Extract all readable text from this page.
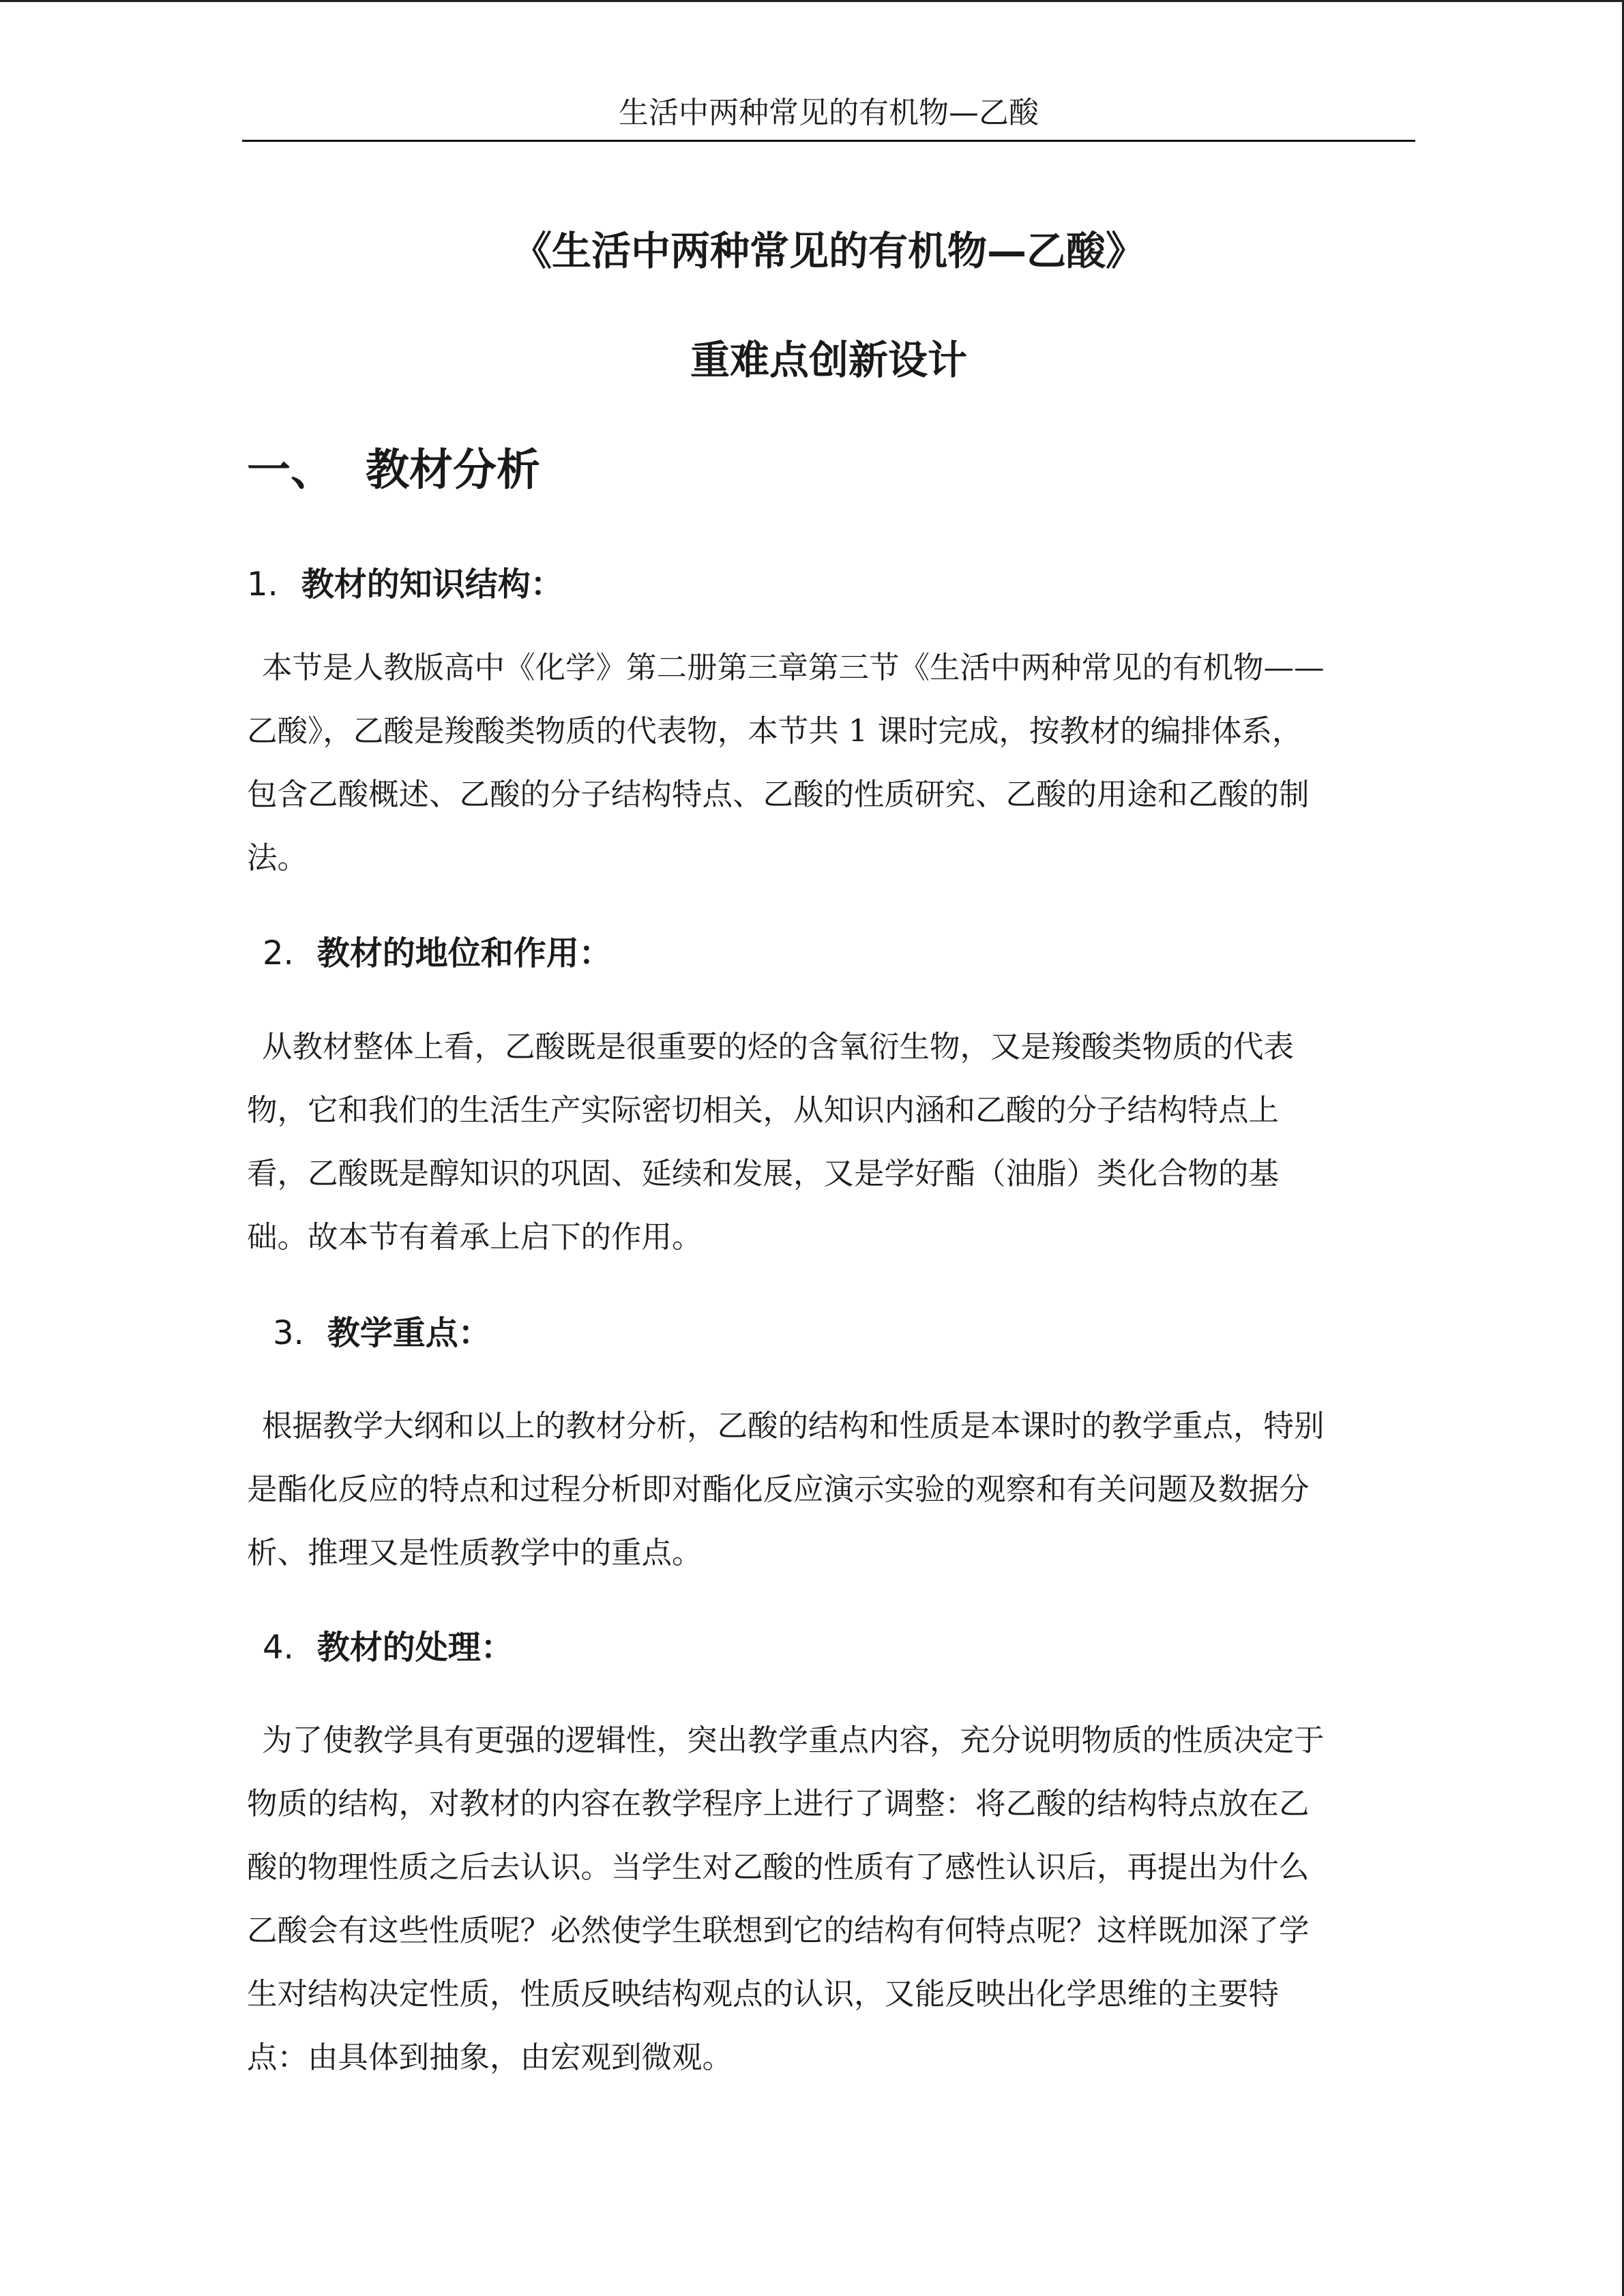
生活中两种常见的有机物—乙酸
《生活中两种常见的有机物—乙酸》
重难点创新设计
一、 教材分析
1. 教材的知识结构：
本节是人教版高中《化学》第二册第三章第三节《生活中两种常见的有机物——
乙酸》，乙酸是羧酸类物质的代表物，本节共 1 课时完成，按教材的编排体系，
包含乙酸概述、乙酸的分子结构特点、乙酸的性质研究、乙酸的用途和乙酸的制
法。
2. 教材的地位和作用：
从教材整体上看，乙酸既是很重要的烃的含氧衍生物，又是羧酸类物质的代表
物，它和我们的生活生产实际密切相关，从知识内涵和乙酸的分子结构特点上
看，乙酸既是醇知识的巩固、延续和发展，又是学好酯（油脂）类化合物的基
础。故本节有着承上启下的作用。
3. 教学重点：
根据教学大纲和以上的教材分析，乙酸的结构和性质是本课时的教学重点，特别
是酯化反应的特点和过程分析即对酯化反应演示实验的观察和有关问题及数据分
析、推理又是性质教学中的重点。
4. 教材的处理：
为了使教学具有更强的逻辑性，突出教学重点内容，充分说明物质的性质决定于
物质的结构，对教材的内容在教学程序上进行了调整：将乙酸的结构特点放在乙
酸的物理性质之后去认识。当学生对乙酸的性质有了感性认识后，再提出为什么
乙酸会有这些性质呢？必然使学生联想到它的结构有何特点呢？这样既加深了学
生对结构决定性质，性质反映结构观点的认识，又能反映出化学思维的主要特
点：由具体到抽象，由宏观到微观。
